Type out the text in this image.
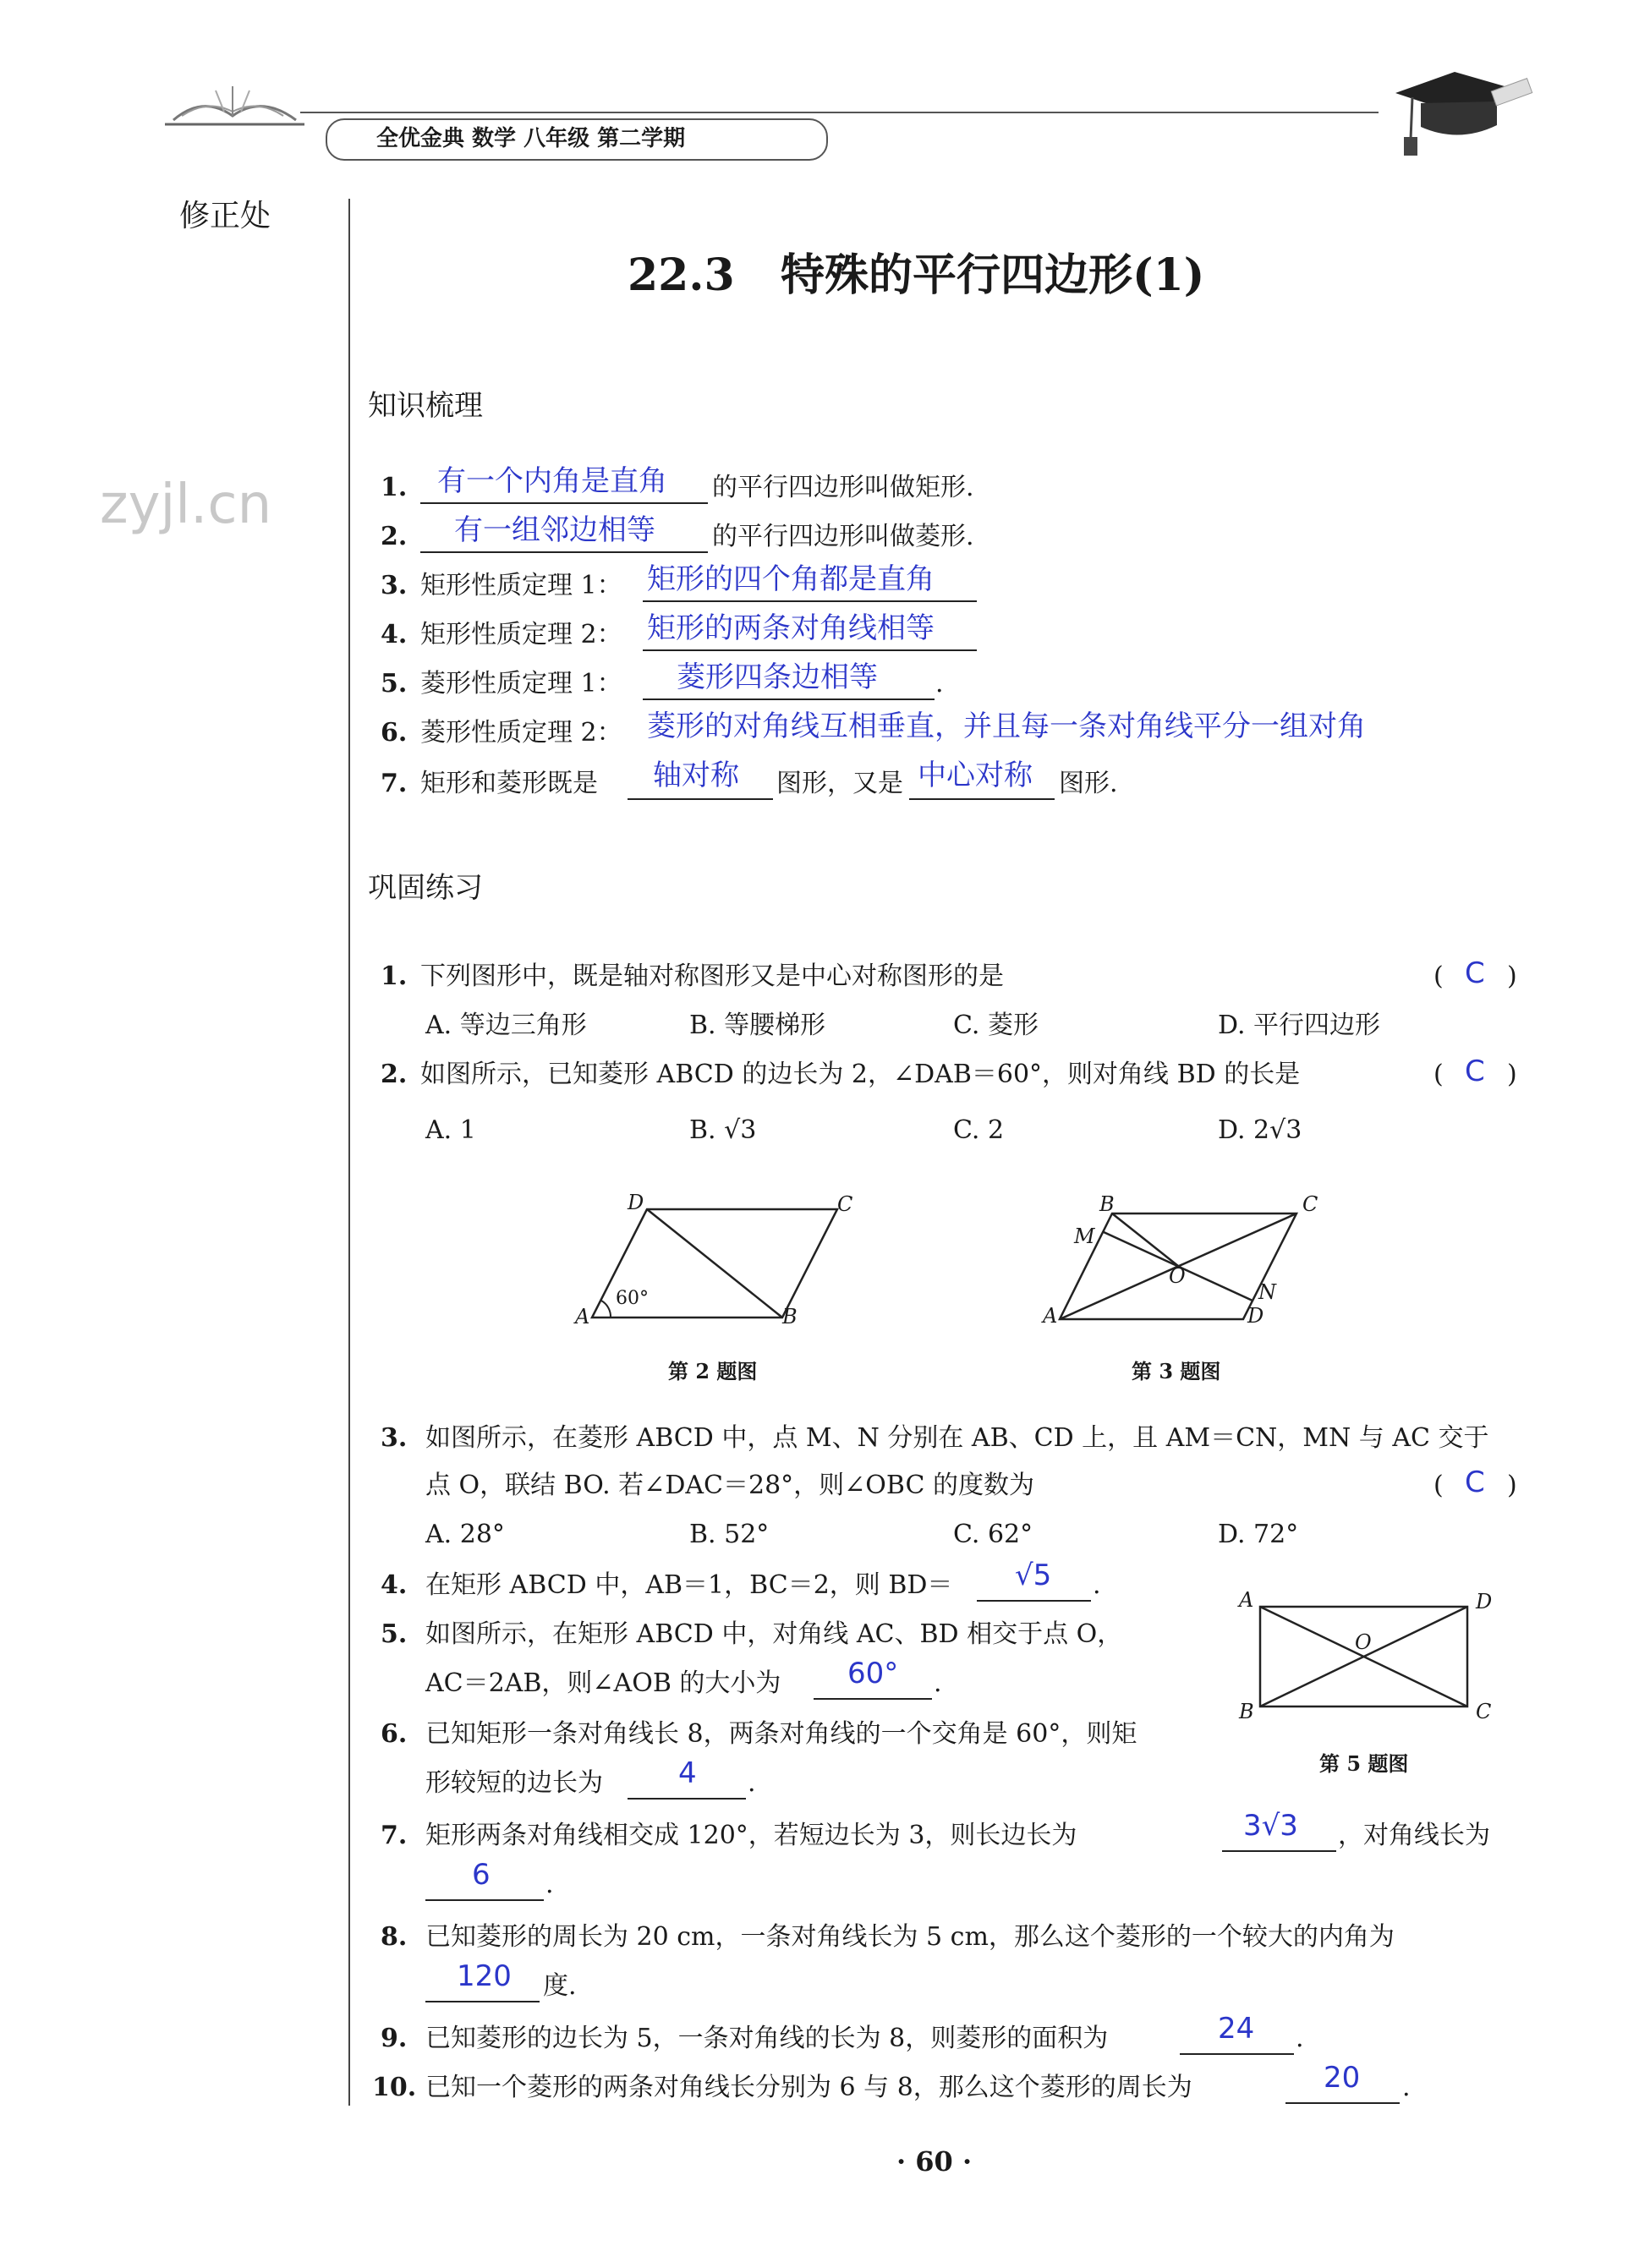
全优金典 数学 八年级 第二学期
修正处
zyjl.cn
22.3   特殊的平行四边形(1)
知识梳理
1. 有一个内角是直角 的平行四边形叫做矩形.
2. 有一组邻边相等 的平行四边形叫做菱形.
3. 矩形性质定理 1： 矩形的四个角都是直角
4. 矩形性质定理 2： 矩形的两条对角线相等
5. 菱形性质定理 1： 菱形四条边相等 .
6. 菱形性质定理 2： 菱形的对角线互相垂直，并且每一条对角线平分一组对角
7. 矩形和菱形既是 轴对称 图形，又是 中心对称 图形.
巩固练习
1. 下列图形中，既是轴对称图形又是中心对称图形的是	( C )
A. 等边三角形	B. 等腰梯形	C. 菱形	D. 平行四边形
2. 如图所示，已知菱形 ABCD 的边长为 2，∠DAB＝60°，则对角线 BD 的长是	( C )
A. 1	B. √3	C. 2	D. 2√3
A	B
C
D
60°
第 2 题图
A
B	C
D
M
N
O
第 3 题图
3. 如图所示，在菱形 ABCD 中，点 M、N 分别在 AB、CD 上，且 AM＝CN，MN 与 AC 交于
点 O，联结 BO. 若∠DAC＝28°，则∠OBC 的度数为	( C )
A. 28°	B. 52°	C. 62°	D. 72°
4. 在矩形 ABCD 中，AB＝1，BC＝2，则 BD＝ √5 .
5. 如图所示，在矩形 ABCD 中，对角线 AC、BD 相交于点 O，
AC＝2AB，则∠AOB 的大小为 60° .
A
B	C
D
O
第 5 题图
6. 已知矩形一条对角线长 8，两条对角线的一个交角是 60°，则矩
形较短的边长为	4 .
7. 矩形两条对角线相交成 120°，若短边长为 3，则长边长为	3√3 ，对角线长为
6 .
8. 已知菱形的周长为 20 cm，一条对角线长为 5 cm，那么这个菱形的一个较大的内角为
120 度.
9. 已知菱形的边长为 5，一条对角线的长为 8，则菱形的面积为	24 .
10. 已知一个菱形的两条对角线长分别为 6 与 8，那么这个菱形的周长为	20 .
· 60 ·
